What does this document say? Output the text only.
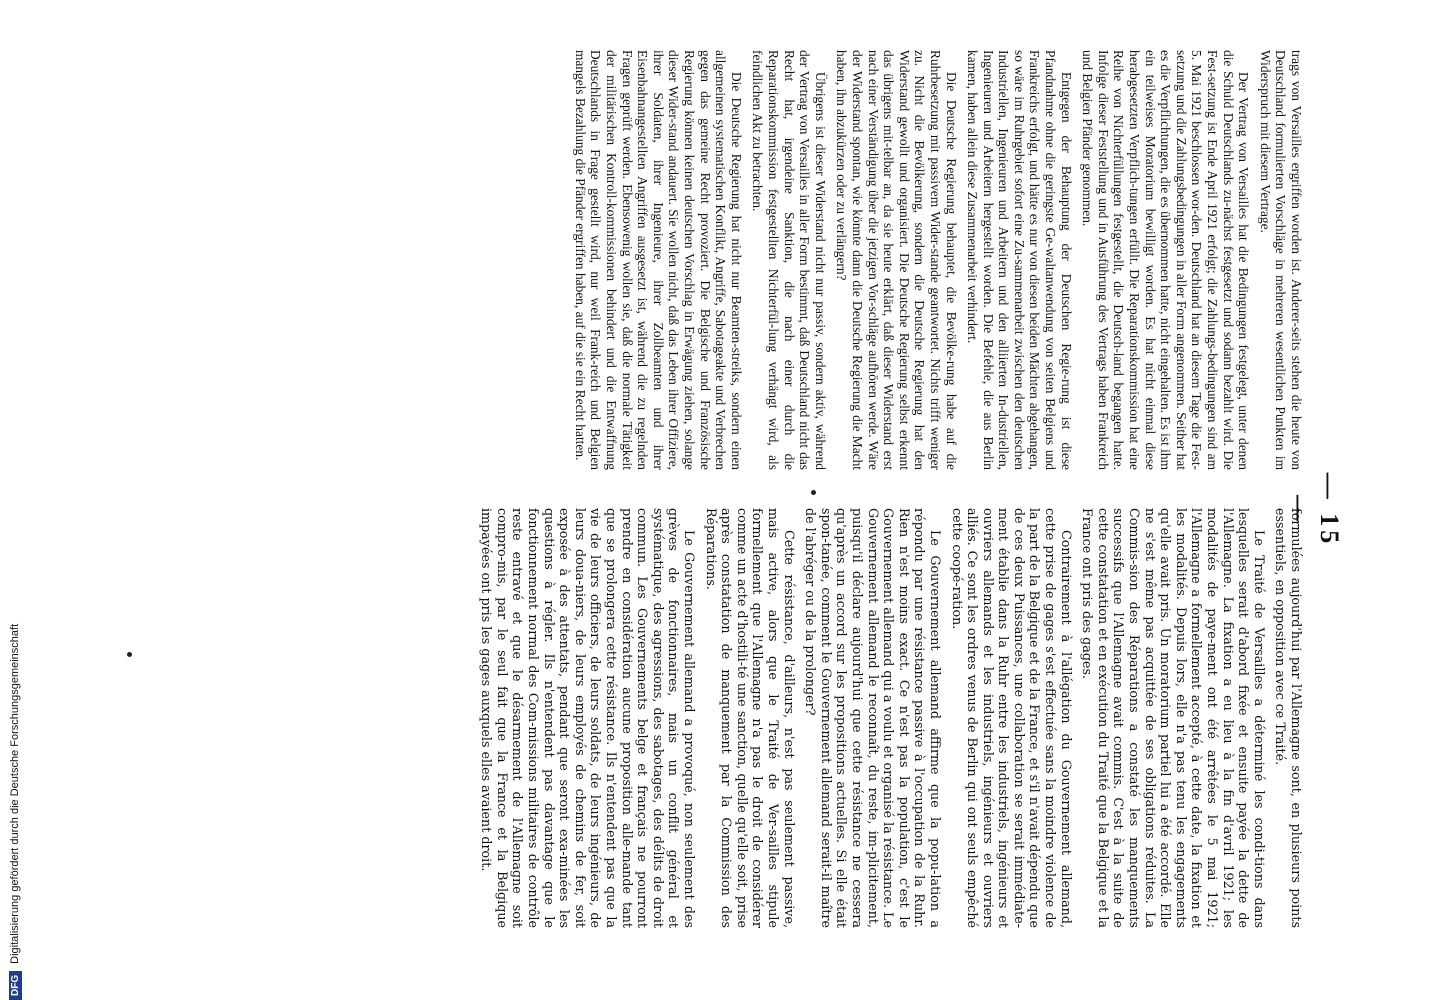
— 15 —

trags von Versailles ergriffen worden ist. Anderer-seits stehen die heute von Deutschland formulierten Vorschläge in mehreren wesentlichen Punkten im Widerspruch mit diesem Vertrage.

Der Vertrag von Versailles hat die Bedingungen festgelegt, unter denen die Schuld Deutschlands zu-nächst festgesetzt und sodann bezahlt wird. Die Fest-setzung ist Ende April 1921 erfolgt; die Zahlungs-bedingungen sind am 5. Mai 1921 beschlossen wor-den. Deutschland hat an diesem Tage die Fest-setzung und die Zahlungsbedingungen in aller Form angenommen. Seither hat es die Verpflichtungen, die es übernommen hatte, nicht eingehalten. Es ist ihm ein teilweises Moratorium bewilligt worden. Es hat nicht einmal diese herabgesetzten Verpflich-tungen erfüllt. Die Reparationskommission hat eine Reihe von Nichterfüllungen festgestellt, die Deutsch-land begangen hatte. Infolge dieser Feststellung und in Ausführung des Vertrags haben Frankreich und Belgien Pfänder genommen.

Entgegen der Behauptung der Deutschen Regie-rung ist diese Pfandnahme ohne die geringste Ge-waltanwendung von seiten Belgiens und Frankreichs erfolgt, und hätte es nur von diesen beiden Mächten abgehangen, so wäre im Ruhrgebiet sofort eine Zu-sammenarbeit zwischen den deutschen Industriellen, Ingenieuren und Arbeitern und den alliierten In-dustriellen, Ingenieuren und Arbeitern hergestellt worden. Die Befehle, die aus Berlin kamen, haben allein diese Zusammenarbeit verhindert.

Die Deutsche Regierung behauptet, die Bevölke-rung habe auf die Ruhrbesetzung mit passivem Wider-stande geantwortet. Nichts trifft weniger zu. Nicht die Bevölkerung, sondern die Deutsche Regierung hat den Widerstand gewollt und organisiert. Die Deutsche Regierung selbst erkennt das übrigens mit-telbar an, da sie heute erklärt, daß dieser Widerstand erst nach einer Verständigung über die jetzigen Vor-schläge aufhören werde. Wäre der Widerstand spontan, wie könnte dann die Deutsche Regierung die Macht haben, ihn abzukürzen oder zu verlängern?

Übrigens ist dieser Widerstand nicht nur passiv, sondern aktiv, während der Vertrag von Versailles in aller Form bestimmt, daß Deutschland nicht das Recht hat, irgendeine Sanktion, die nach einer durch die Reparationskommission festgestellten Nichterfül-lung verhängt wird, als feindlichen Akt zu betrachten.

Die Deutsche Regierung hat nicht nur Beamten-streiks, sondern einen allgemeinen systematischen Konflikt, Angriffe, Sabotageakte und Verbrechen gegen das gemeine Recht provoziert. Die Belgische und Französische Regierung können keinen deutschen Vorschlag in Erwägung ziehen, solange dieser Wider-stand andauert. Sie wollen nicht, daß das Leben ihrer Offiziere, ihrer Soldaten, ihrer Ingenieure, ihrer Zollbeamten und ihrer Eisenbahnangestellten Angriffen ausgesetzt ist, während die zu regelnden Fragen geprüft werden. Ebensowenig wollen sie, daß die normale Tätigkeit der militärischen Kontroll-kommissionen behindert und die Entwaffnung Deutschlands in Frage gestellt wird, nur weil Frank-reich und Belgien mangels Bezahlung die Pfänder ergriffen haben, auf die sie ein Recht hatten.

formulées aujourd'hui par l'Allemagne sont, en plusieurs points essentiels, en opposition avec ce Traité.

Le Traité de Versailles a déterminé les condi-tions dans lesquelles serait d'abord fixée et ensuite payée la dette de l'Allemagne. La fixation a eu lieu à la fin d'avril 1921; les modalités de paye-ment ont été arrêtées le 5 mai 1921; l'Allemagne a formellement accepté, à cette date, la fixation et les modalités. Depuis lors, elle n'a pas tenu les engagements qu'elle avait pris. Un moratorium partiel lui a été accordé. Elle ne s'est même pas acquittée de ses obligations réduites. La Commis-sion des Réparations a constaté les manquements successifs que l'Allemagne avait commis. C'est à la suite de cette constatation et en exécution du Traité que la Belgique et la France ont pris des gages.

Contrairement à l'allégation du Gouvernement allemand, cette prise de gages s'est effectuée sans la moindre violence de la part de la Belgique et de la France, et s'il n'avait dépendu que de ces deux Puissances, une collaboration se serait immédiate-ment établie dans la Ruhr entre les industriels, ingénieurs et ouvriers allemands et les industriels, ingénieurs et ouvriers alliés. Ce sont les ordres venus de Berlin qui ont seuls empêché cette coopé-ration.

Le Gouvernement allemand affirme que la popu-lation a répondu par une résistance passive à l'occupation de la Ruhr. Rien n'est moins exact. Ce n'est pas la population, c'est le Gouvernement allemand qui a voulu et organisé la résistance. Le Gouvernement allemand le reconnaît, du reste, im-plicitement, puisqu'il déclare aujourd'hui que cette résistance ne cessera qu'après un accord sur les propositions actuelles. Si elle était spon-tanée, comment le Gouvernement allemand serait-il maître de l'abréger ou de la prolonger?

Cette résistance, d'ailleurs, n'est pas seulement passive, mais active, alors que le Traité de Ver-sailles stipule formellement que l'Allemagne n'a pas le droit de considérer comme un acte d'hostili-té une sanction, quelle qu'elle soit, prise après constatation de manquement par la Commission des Réparations.

Le Gouvernement allemand a provoqué, non seulement des grèves de fonctionnaires, mais un conflit général et systématique, des agressions, des sabotages, des délits de droit commun. Les Gouvernements belge et français ne pourront prendre en considération aucune proposition alle-mande tant que se prolongera cette résistance. Ils n'entendent pas que la vie de leurs officiers, de leurs soldats, de leurs ingénieurs, de leurs doua-niers, de leurs employés de chemins de fer, soit exposée à des attentats, pendant que seront exa-minées les questions à régler. Ils n'entendent pas davantage que le fonctionnement normal des Com-missions militaires de contrôle reste entravé et que le désarmement de l'Allemagne soit compro-mis, par le seul fait que la France et la Belgique impayées ont pris les gages auxquels elles avaient droit.

DFG Digitalisierung gefördert durch die Deutsche Forschungsgemeinschaft
